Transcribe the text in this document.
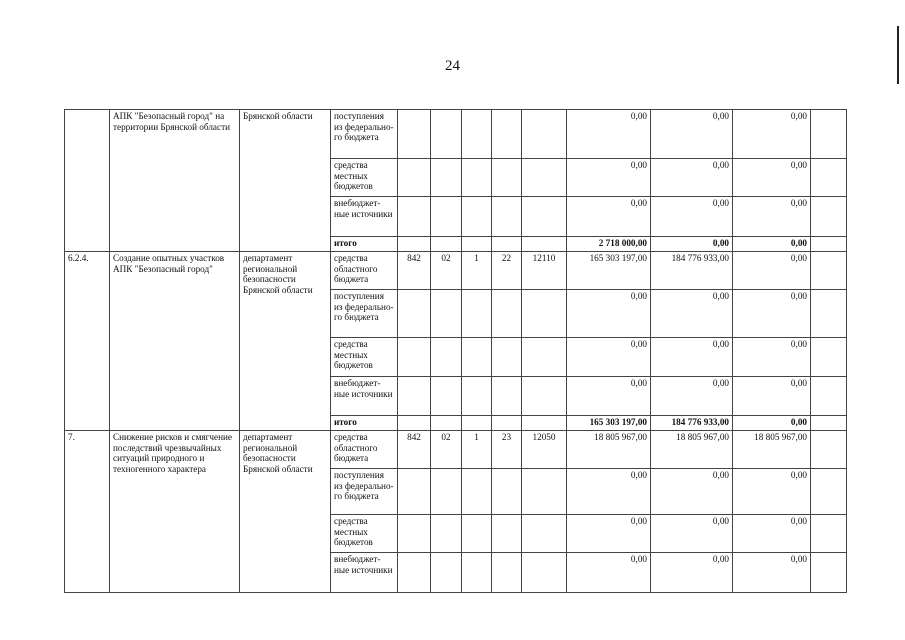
24
	АПК "Безопасный город" на территории Брянской области	Брянской области	поступления из федерально-го бюджета						0,00	0,00	0,00	
			средства местных бюджетов						0,00	0,00	0,00	
			внебюджет-ные источники						0,00	0,00	0,00	
			итого						2 718 000,00	0,00	0,00	
6.2.4.	Создание опытных участков АПК "Безопасный город"	департамент региональной безопасности Брянской области	средства областного бюджета	842	02	1	22	12110	165 303 197,00	184 776 933,00	0,00	
			поступления из федерально-го бюджета						0,00	0,00	0,00	
			средства местных бюджетов						0,00	0,00	0,00	
			внебюджет-ные источники						0,00	0,00	0,00	
			итого						165 303 197,00	184 776 933,00	0,00	
7.	Снижение рисков и смягчение последствий чрезвычайных ситуаций природного и техногенного характера	департамент региональной безопасности Брянской области	средства областного бюджета	842	02	1	23	12050	18 805 967,00	18 805 967,00	18 805 967,00	
			поступления из федерально-го бюджета						0,00	0,00	0,00	
			средства местных бюджетов						0,00	0,00	0,00	
			внебюджет-ные источники						0,00	0,00	0,00	
